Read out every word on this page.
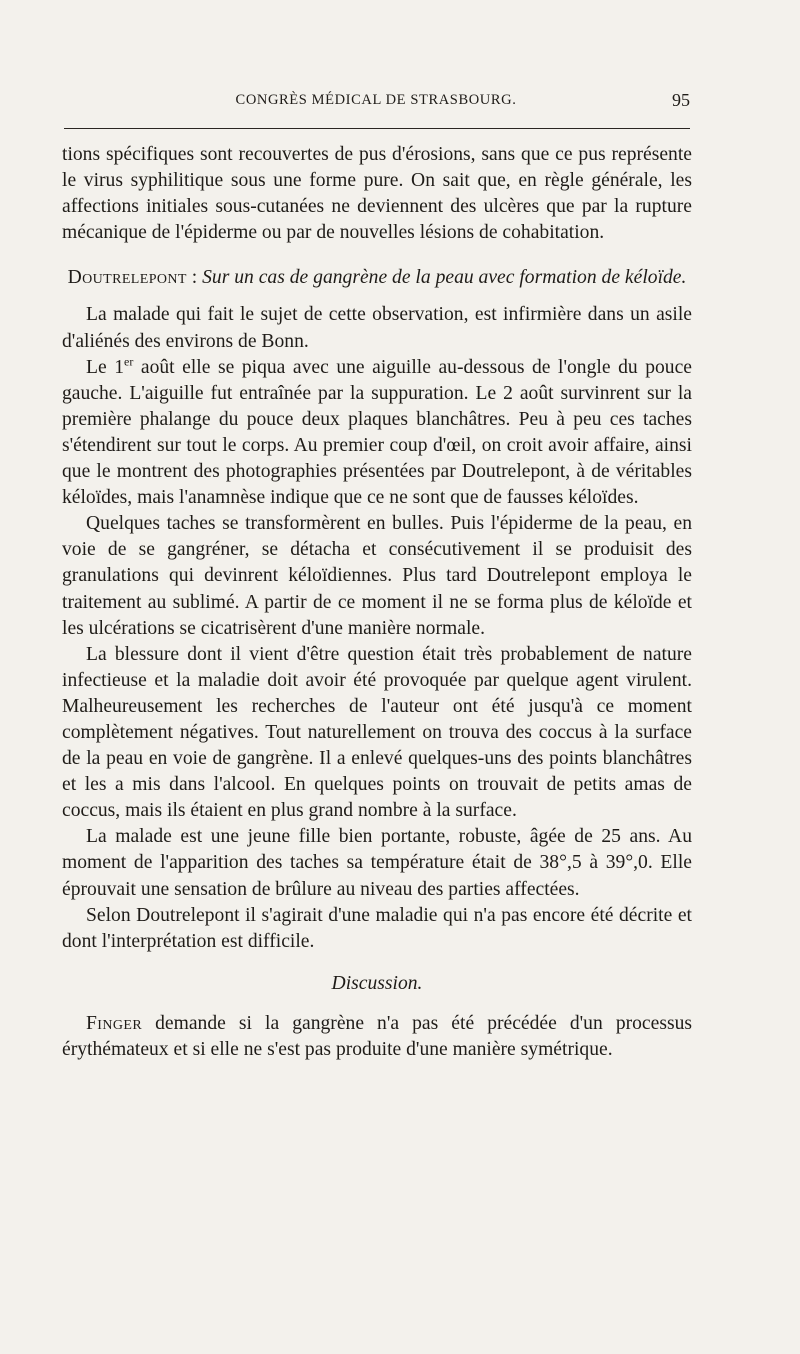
CONGRÈS MÉDICAL DE STRASBOURG.	95

tions spécifiques sont recouvertes de pus d'érosions, sans que ce pus représente le virus syphilitique sous une forme pure. On sait que, en règle générale, les affections initiales sous-cutanées ne deviennent des ulcères que par la rupture mécanique de l'épiderme ou par de nouvelles lésions de cohabitation.

Doutrelepont : Sur un cas de gangrène de la peau avec formation de kéloïde.

La malade qui fait le sujet de cette observation, est infirmière dans un asile d'aliénés des environs de Bonn.

Le 1er août elle se piqua avec une aiguille au-dessous de l'ongle du pouce gauche. L'aiguille fut entraînée par la suppuration. Le 2 août survinrent sur la première phalange du pouce deux plaques blanchâtres. Peu à peu ces taches s'étendirent sur tout le corps. Au premier coup d'œil, on croit avoir affaire, ainsi que le montrent des photographies présentées par Doutrelepont, à de véritables kéloïdes, mais l'anamnèse indique que ce ne sont que de fausses kéloïdes.

Quelques taches se transformèrent en bulles. Puis l'épiderme de la peau, en voie de se gangréner, se détacha et consécutivement il se produisit des granulations qui devinrent kéloïdiennes. Plus tard Doutrelepont employa le traitement au sublimé. A partir de ce moment il ne se forma plus de kéloïde et les ulcérations se cicatrisèrent d'une manière normale.

La blessure dont il vient d'être question était très probablement de nature infectieuse et la maladie doit avoir été provoquée par quelque agent virulent. Malheureusement les recherches de l'auteur ont été jusqu'à ce moment complètement négatives. Tout naturellement on trouva des coccus à la surface de la peau en voie de gangrène. Il a enlevé quelques-uns des points blanchâtres et les a mis dans l'alcool. En quelques points on trouvait de petits amas de coccus, mais ils étaient en plus grand nombre à la surface.

La malade est une jeune fille bien portante, robuste, âgée de 25 ans. Au moment de l'apparition des taches sa température était de 38°,5 à 39°,0. Elle éprouvait une sensation de brûlure au niveau des parties affectées.

Selon Doutrelepont il s'agirait d'une maladie qui n'a pas encore été décrite et dont l'interprétation est difficile.

Discussion.

Finger demande si la gangrène n'a pas été précédée d'un processus érythémateux et si elle ne s'est pas produite d'une manière symétrique.
